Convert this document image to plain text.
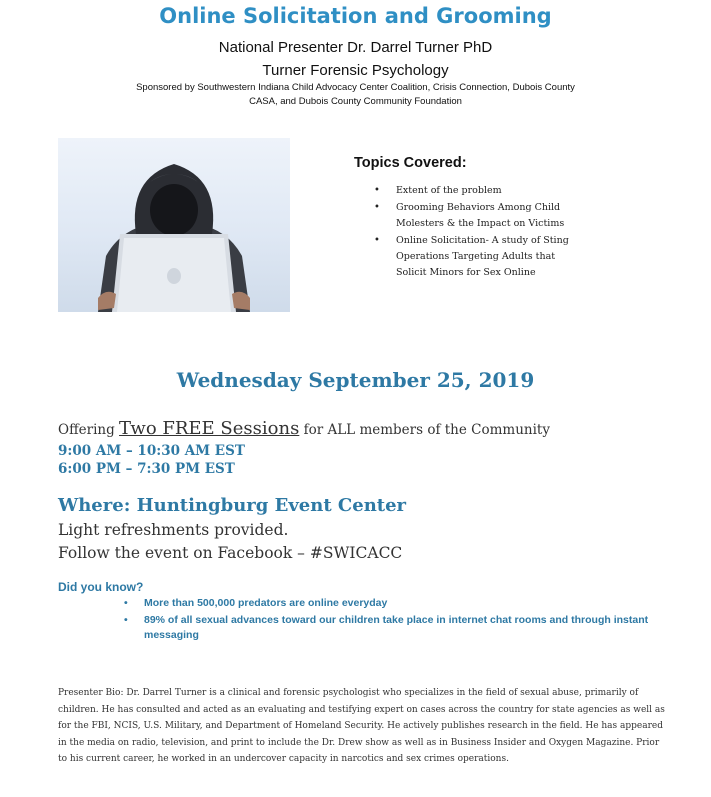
Online Solicitation and Grooming
National Presenter Dr. Darrel Turner PhD
Turner Forensic Psychology
Sponsored by Southwestern Indiana Child Advocacy Center Coalition, Crisis Connection, Dubois County CASA, and Dubois County Community Foundation
Topics Covered:
• Extent of the problem
• Grooming Behaviors Among Child Molesters & the Impact on Victims
• Online Solicitation- A study of Sting Operations Targeting Adults that Solicit Minors for Sex Online
Wednesday September 25, 2019
Offering Two FREE Sessions for ALL members of the Community
9:00 AM – 10:30 AM EST
6:00 PM – 7:30 PM EST
Where: Huntingburg Event Center
Light refreshments provided.
Follow the event on Facebook – #SWICACC
Did you know?
• More than 500,000 predators are online everyday
• 89% of all sexual advances toward our children take place in internet chat rooms and through instant messaging
Presenter Bio: Dr. Darrel Turner is a clinical and forensic psychologist who specializes in the field of sexual abuse, primarily of children. He has consulted and acted as an evaluating and testifying expert on cases across the country for state agencies as well as for the FBI, NCIS, U.S. Military, and Department of Homeland Security. He actively publishes research in the field. He has appeared in the media on radio, television, and print to include the Dr. Drew show as well as in Business Insider and Oxygen Magazine. Prior to his current career, he worked in an undercover capacity in narcotics and sex crimes operations.
